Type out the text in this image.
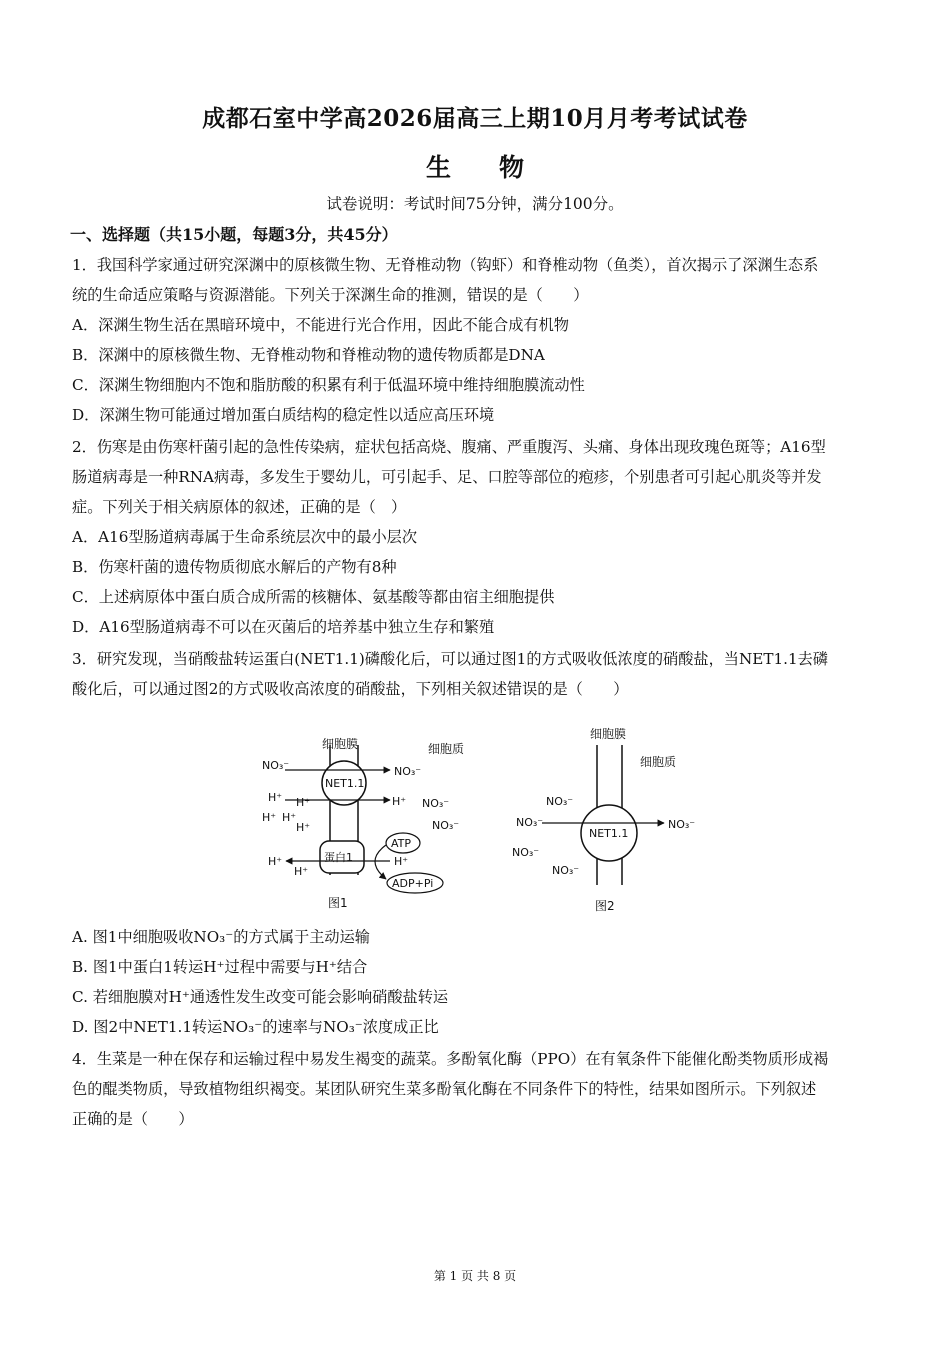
成都石室中学高2026届高三上期10月月考考试试卷
生 物
试卷说明：考试时间75分钟，满分100分。
一、选择题（共15小题，每题3分，共45分）
1．我国科学家通过研究深渊中的原核微生物、无脊椎动物（钩虾）和脊椎动物（鱼类），首次揭示了深渊生态系
统的生命适应策略与资源潜能。下列关于深渊生命的推测，错误的是（　　）
A．深渊生物生活在黑暗环境中，不能进行光合作用，因此不能合成有机物
B．深渊中的原核微生物、无脊椎动物和脊椎动物的遗传物质都是DNA
C．深渊生物细胞内不饱和脂肪酸的积累有利于低温环境中维持细胞膜流动性
D．深渊生物可能通过增加蛋白质结构的稳定性以适应高压环境
2．伤寒是由伤寒杆菌引起的急性传染病，症状包括高烧、腹痛、严重腹泻、头痛、身体出现玫瑰色斑等；A16型
肠道病毒是一种RNA病毒，多发生于婴幼儿，可引起手、足、口腔等部位的疱疹，个别患者可引起心肌炎等并发
症。下列关于相关病原体的叙述，正确的是（　）
A．A16型肠道病毒属于生命系统层次中的最小层次
B．伤寒杆菌的遗传物质彻底水解后的产物有8种
C．上述病原体中蛋白质合成所需的核糖体、氨基酸等都由宿主细胞提供
D．A16型肠道病毒不可以在灭菌后的培养基中独立生存和繁殖
3．研究发现，当硝酸盐转运蛋白(NET1.1)磷酸化后，可以通过图1的方式吸收低浓度的硝酸盐，当NET1.1去磷
酸化后，可以通过图2的方式吸收高浓度的硝酸盐，下列相关叙述错误的是（　　）
细胞膜	细胞质
NET1.1
NO₃⁻	NO₃⁻
H⁺ H⁺
H⁺ H⁺
H⁺
H⁺ NO₃⁻
NO₃⁻
蛋白1
H⁺
H⁺
H⁺
ATP
ADP+Pi
图1
细胞膜
细胞质
NET1.1
NO₃⁻
NO₃⁻
NO₃⁻
NO₃⁻
NO₃⁻
图2
A. 图1中细胞吸收NO₃⁻的方式属于主动运输
B. 图1中蛋白1转运H⁺过程中需要与H⁺结合
C. 若细胞膜对H⁺通透性发生改变可能会影响硝酸盐转运
D. 图2中NET1.1转运NO₃⁻的速率与NO₃⁻浓度成正比
4．生菜是一种在保存和运输过程中易发生褐变的蔬菜。多酚氧化酶（PPO）在有氧条件下能催化酚类物质形成褐
色的醌类物质，导致植物组织褐变。某团队研究生菜多酚氧化酶在不同条件下的特性，结果如图所示。下列叙述
正确的是（　　）
第 1 页 共 8 页
